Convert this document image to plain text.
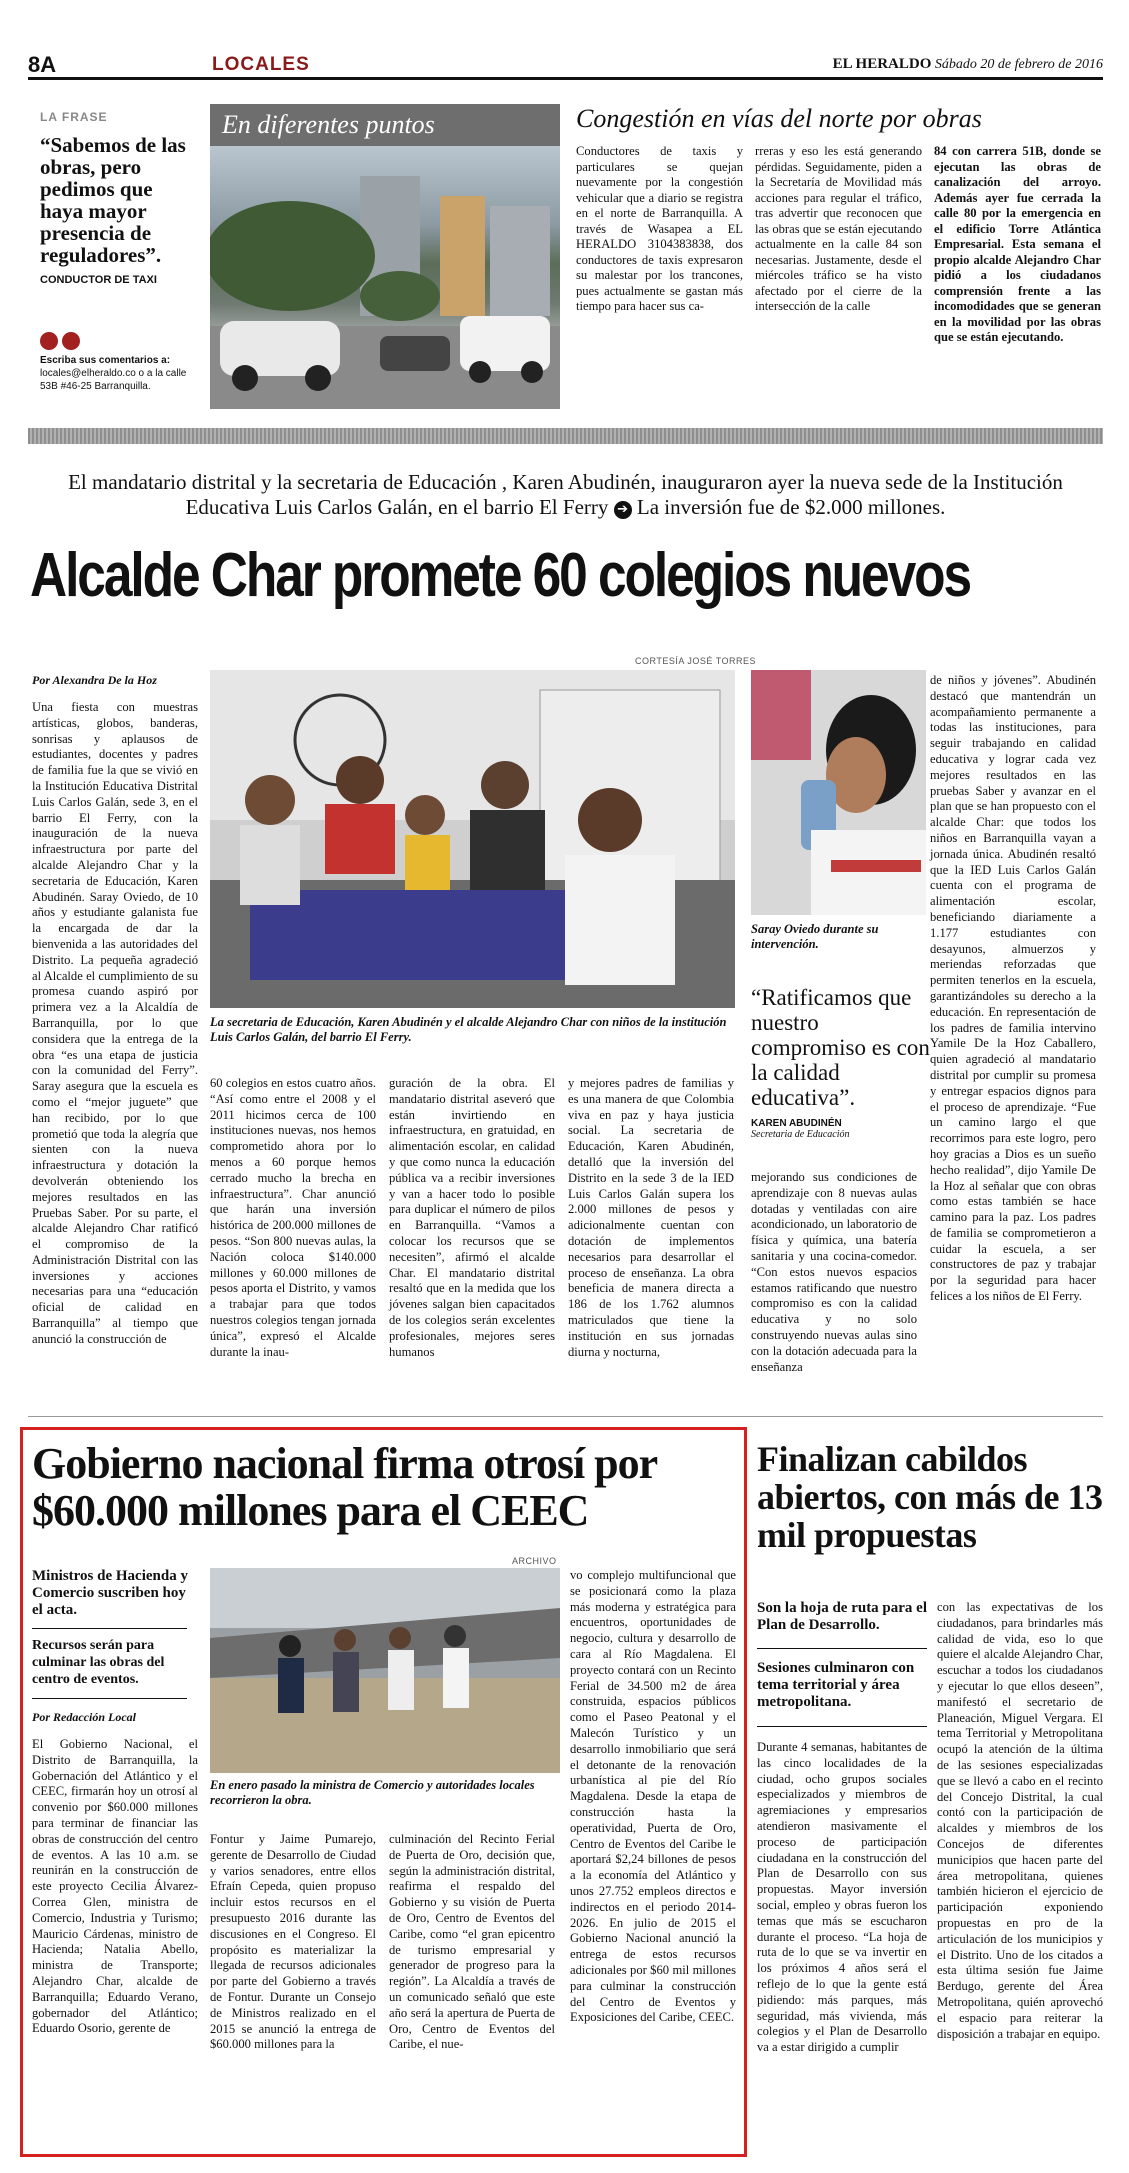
8A	LOCALES	EL HERALDO Sábado 20 de febrero de 2016
LA FRASE
“Sabemos de las obras, pero pedimos que haya mayor presencia de reguladores”.
CONDUCTOR DE TAXI
Escriba sus comentarios a:
locales@elheraldo.co o a la calle 53B #46-25 Barranquilla.
En diferentes puntos	Congestión en vías del norte por obras
Conductores de taxis y particulares se quejan nuevamente por la congestión vehicular que a diario se registra en el norte de Barranquilla. A través de Wasapea a EL HERALDO 3104383838, dos conductores de taxis expresaron su malestar por los trancones, pues actualmente se gastan más tiempo para hacer sus ca-
rreras y eso les está generando pérdidas. Seguidamente, piden a la Secretaría de Movilidad más acciones para regular el tráfico, tras advertir que reconocen que las obras que se están ejecutando actualmente en la calle 84 son necesarias. Justamente, desde el miércoles tráfico se ha visto afectado por el cierre de la intersección de la calle
84 con carrera 51B, donde se ejecutan las obras de canalización del arroyo. Además ayer fue cerrada la calle 80 por la emergencia en el edificio Torre Atlántica Empresarial. Esta semana el propio alcalde Alejandro Char pidió a los ciudadanos comprensión frente a las incomodidades que se generan en la movilidad por las obras que se están ejecutando.
El mandatario distrital y la secretaria de Educación , Karen Abudinén, inauguraron ayer la nueva sede de la Institución Educativa Luis Carlos Galán, en el barrio El Ferry ➔ La inversión fue de $2.000 millones.
Alcalde Char promete 60 colegios nuevos
CORTESÍA JOSÉ TORRES
Por Alexandra De la Hoz
Una fiesta con muestras artísticas, globos, banderas, sonrisas y aplausos de estudiantes, docentes y padres de familia fue la que se vivió en la Institución Educativa Distrital Luis Carlos Galán, sede 3, en el barrio El Ferry, con la inauguración de la nueva infraestructura por parte del alcalde Alejandro Char y la secretaria de Educación, Karen Abudinén. Saray Oviedo, de 10 años y estudiante galanista fue la encargada de dar la bienvenida a las autoridades del Distrito. La pequeña agradeció al Alcalde el cumplimiento de su promesa cuando aspiró por primera vez a la Alcaldía de Barranquilla, por lo que considera que la entrega de la obra “es una etapa de justicia con la comunidad del Ferry”. Saray asegura que la escuela es como el “mejor juguete” que han recibido, por lo que prometió que toda la alegría que sienten con la nueva infraestructura y dotación la devolverán obteniendo los mejores resultados en las Pruebas Saber. Por su parte, el alcalde Alejandro Char ratificó el compromiso de la Administración Distrital con las inversiones y acciones necesarias para una “educación oficial de calidad en Barranquilla” al tiempo que anunció la construcción de
La secretaria de Educación, Karen Abudinén y el alcalde Alejandro Char con niños de la institución Luis Carlos Galán, del barrio El Ferry.
Saray Oviedo durante su intervención.
“Ratificamos que nuestro compromiso es con la calidad educativa”.
KAREN ABUDINÉN
Secretaria de Educación
60 colegios en estos cuatro años. “Así como entre el 2008 y el 2011 hicimos cerca de 100 instituciones nuevas, nos hemos comprometido ahora por lo menos a 60 porque hemos cerrado mucho la brecha en infraestructura”. Char anunció que harán una inversión histórica de 200.000 millones de pesos. “Son 800 nuevas aulas, la Nación coloca $140.000 millones y 60.000 millones de pesos aporta el Distrito, y vamos a trabajar para que todos nuestros colegios tengan jornada única”, expresó el Alcalde durante la inau-
guración de la obra. El mandatario distrital aseveró que están invirtiendo en infraestructura, en gratuidad, en alimentación escolar, en calidad y que como nunca la educación pública va a recibir inversiones y van a hacer todo lo posible para duplicar el número de pilos en Barranquilla. “Vamos a colocar los recursos que se necesiten”, afirmó el alcalde Char. El mandatario distrital resaltó que en la medida que los jóvenes salgan bien capacitados de los colegios serán excelentes profesionales, mejores seres humanos
y mejores padres de familias y es una manera de que Colombia viva en paz y haya justicia social. La secretaria de Educación, Karen Abudinén, detalló que la inversión del Distrito en la sede 3 de la IED Luis Carlos Galán supera los 2.000 millones de pesos y adicionalmente cuentan con dotación de implementos necesarios para desarrollar el proceso de enseñanza. La obra beneficia de manera directa a 186 de los 1.762 alumnos matriculados que tiene la institución en sus jornadas diurna y nocturna,
mejorando sus condiciones de aprendizaje con 8 nuevas aulas dotadas y ventiladas con aire acondicionado, un laboratorio de física y química, una batería sanitaria y una cocina-comedor. “Con estos nuevos espacios estamos ratificando que nuestro compromiso es con la calidad educativa y no solo construyendo nuevas aulas sino con la dotación adecuada para la enseñanza
de niños y jóvenes”. Abudinén destacó que mantendrán un acompañamiento permanente a todas las instituciones, para seguir trabajando en calidad educativa y lograr cada vez mejores resultados en las pruebas Saber y avanzar en el plan que se han propuesto con el alcalde Char: que todos los niños en Barranquilla vayan a jornada única. Abudinén resaltó que la IED Luis Carlos Galán cuenta con el programa de alimentación escolar, beneficiando diariamente a 1.177 estudiantes con desayunos, almuerzos y meriendas reforzadas que permiten tenerlos en la escuela, garantizándoles su derecho a la educación. En representación de los padres de familia intervino Yamile De la Hoz Caballero, quien agradeció al mandatario distrital por cumplir su promesa y entregar espacios dignos para el proceso de aprendizaje. “Fue un camino largo el que recorrimos para este logro, pero hoy gracias a Dios es un sueño hecho realidad”, dijo Yamile De la Hoz al señalar que con obras como estas también se hace camino para la paz. Los padres de familia se comprometieron a cuidar la escuela, a ser constructores de paz y trabajar por la seguridad para hacer felices a los niños de El Ferry.
Gobierno nacional firma otrosí por $60.000 millones para el CEEC
Ministros de Hacienda y Comercio suscriben hoy el acta.
Recursos serán para culminar las obras del centro de eventos.
ARCHIVO
En enero pasado la ministra de Comercio y autoridades locales recorrieron la obra.
Por Redacción Local
El Gobierno Nacional, el Distrito de Barranquilla, la Gobernación del Atlántico y el CEEC, firmarán hoy un otrosí al convenio por $60.000 millones para terminar de financiar las obras de construcción del centro de eventos. A las 10 a.m. se reunirán en la construcción de este proyecto Cecilia Álvarez-Correa Glen, ministra de Comercio, Industria y Turismo; Mauricio Cárdenas, ministro de Hacienda; Natalia Abello, ministra de Transporte; Alejandro Char, alcalde de Barranquilla; Eduardo Verano, gobernador del Atlántico; Eduardo Osorio, gerente de
Fontur y Jaime Pumarejo, gerente de Desarrollo de Ciudad y varios senadores, entre ellos Efraín Cepeda, quien propuso incluir estos recursos en el presupuesto 2016 durante las discusiones en el Congreso. El propósito es materializar la llegada de recursos adicionales por parte del Gobierno a través de Fontur. Durante un Consejo de Ministros realizado en el 2015 se anunció la entrega de $60.000 millones para la
culminación del Recinto Ferial de Puerta de Oro, decisión que, según la administración distrital, reafirma el respaldo del Gobierno y su visión de Puerta de Oro, Centro de Eventos del Caribe, como “el gran epicentro de turismo empresarial y generador de progreso para la región”. La Alcaldía a través de un comunicado señaló que este año será la apertura de Puerta de Oro, Centro de Eventos del Caribe, el nue-
vo complejo multifuncional que se posicionará como la plaza más moderna y estratégica para encuentros, oportunidades de negocio, cultura y desarrollo de cara al Río Magdalena. El proyecto contará con un Recinto Ferial de 34.500 m2 de área construida, espacios públicos como el Paseo Peatonal y el Malecón Turístico y un desarrollo inmobiliario que será el detonante de la renovación urbanística al pie del Río Magdalena. Desde la etapa de construcción hasta la operatividad, Puerta de Oro, Centro de Eventos del Caribe le aportará $2,24 billones de pesos a la economía del Atlántico y unos 27.752 empleos directos e indirectos en el periodo 2014-2026. En julio de 2015 el Gobierno Nacional anunció la entrega de estos recursos adicionales por $60 mil millones para culminar la construcción del Centro de Eventos y Exposiciones del Caribe, CEEC.
Finalizan cabildos abiertos, con más de 13 mil propuestas
Son la hoja de ruta para el Plan de Desarrollo.
Sesiones culminaron con tema territorial y área metropolitana.
Durante 4 semanas, habitantes de las cinco localidades de la ciudad, ocho grupos sociales especializados y miembros de agremiaciones y empresarios atendieron masivamente el proceso de participación ciudadana en la construcción del Plan de Desarrollo con sus propuestas. Mayor inversión social, empleo y obras fueron los temas que más se escucharon durante el proceso. “La hoja de ruta de lo que se va invertir en los próximos 4 años será el reflejo de lo que la gente está pidiendo: más parques, más seguridad, más vivienda, más colegios y el Plan de Desarrollo va a estar dirigido a cumplir
con las expectativas de los ciudadanos, para brindarles más calidad de vida, eso lo que quiere el alcalde Alejandro Char, escuchar a todos los ciudadanos y ejecutar lo que ellos deseen”, manifestó el secretario de Planeación, Miguel Vergara. El tema Territorial y Metropolitana ocupó la atención de la última de las sesiones especializadas que se llevó a cabo en el recinto del Concejo Distrital, la cual contó con la participación de alcaldes y miembros de los Concejos de diferentes municipios que hacen parte del área metropolitana, quienes también hicieron el ejercicio de participación exponiendo propuestas en pro de la articulación de los municipios y el Distrito. Uno de los citados a esta última sesión fue Jaime Berdugo, gerente del Área Metropolitana, quién aprovechó el espacio para reiterar la disposición a trabajar en equipo.
